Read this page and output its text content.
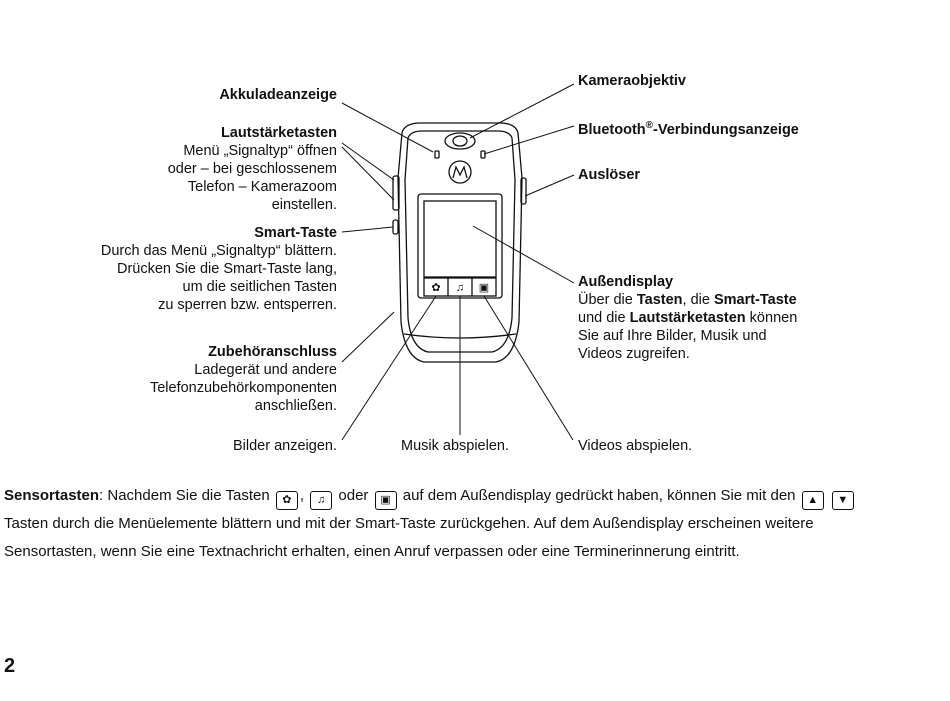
✿ ♫ ▣
Akkuladeanzeige
Lautstärketasten
Menü „Signaltyp“ öffnen
oder – bei geschlossenem
Telefon – Kamerazoom
einstellen.
Smart-Taste
Durch das Menü „Signaltyp“ blättern.
Drücken Sie die Smart-Taste lang,
um die seitlichen Tasten
zu sperren bzw. entsperren.
Zubehöranschluss
Ladegerät und andere
Telefonzubehörkomponenten
anschließen.
Bilder anzeigen.	Musik abspielen.	Videos abspielen.
Kameraobjektiv
Bluetooth®-Verbindungsanzeige
Auslöser
Außendisplay
Über die Tasten, die Smart-Taste
und die Lautstärketasten können
Sie auf Ihre Bilder, Musik und
Videos zugreifen.
Sensortasten: Nachdem Sie die Tasten ✿ , ♫ oder ▣ auf dem Außendisplay gedrückt haben, können Sie mit den ▲ ▼
Tasten durch die Menüelemente blättern und mit der Smart-Taste zurückgehen. Auf dem Außendisplay erscheinen weitere
Sensortasten, wenn Sie eine Textnachricht erhalten, einen Anruf verpassen oder eine Terminerinnerung eintritt.
2
